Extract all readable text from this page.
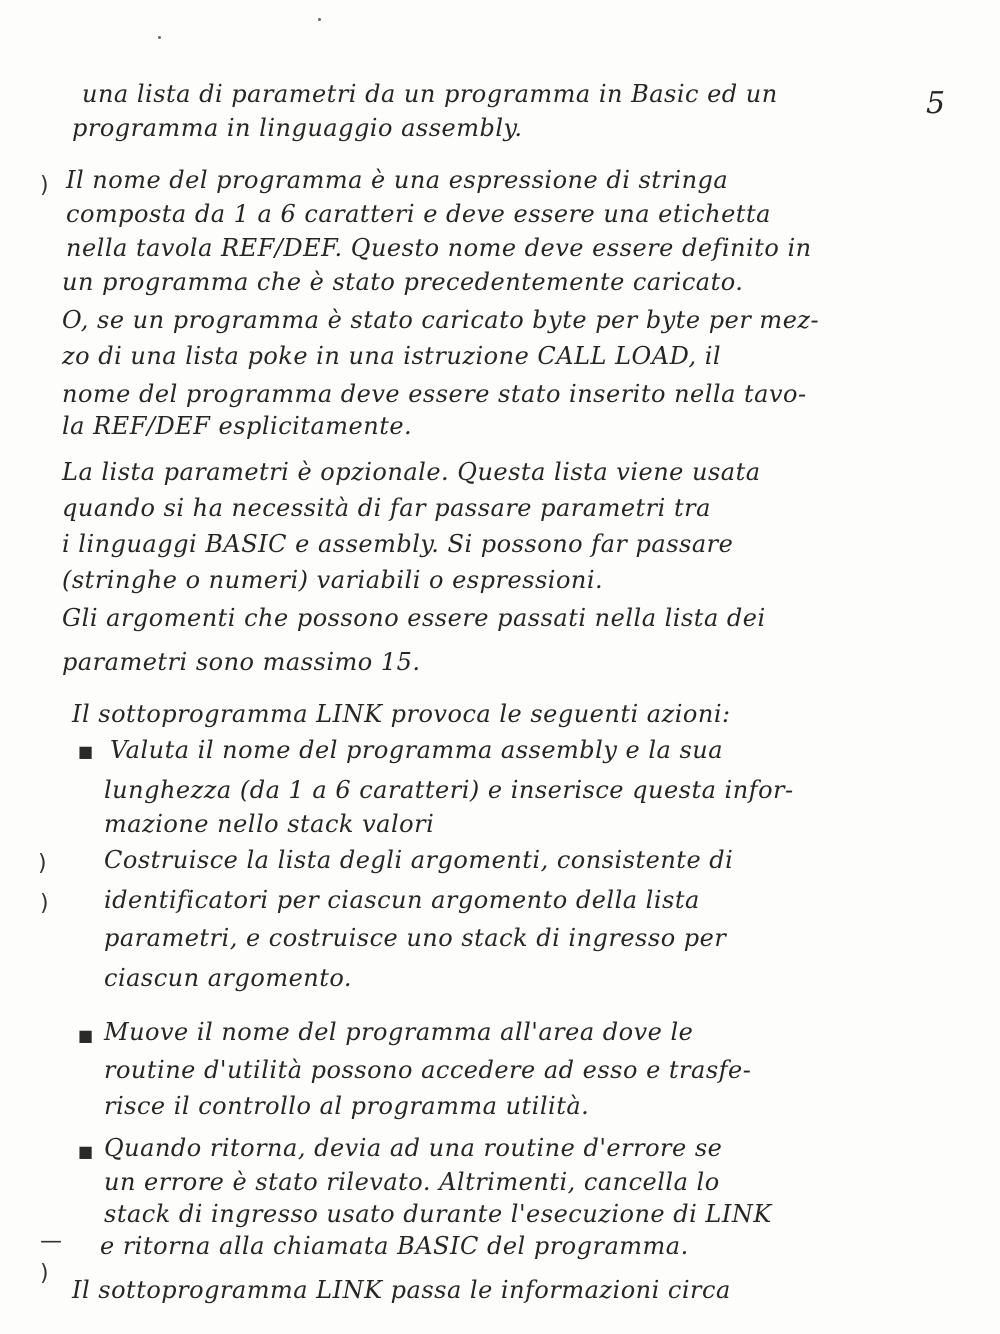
5
una lista di parametri da un programma in Basic ed un
programma in linguaggio assembly.
Il nome del programma è una espressione di stringa
composta da 1 a 6 caratteri e deve essere una etichetta
nella tavola REF/DEF. Questo nome deve essere definito in
un programma che è stato precedentemente caricato.
O, se un programma è stato caricato byte per byte per mez-
zo di una lista poke in una istruzione CALL LOAD, il
nome del programma deve essere stato inserito nella tavo-
la REF/DEF esplicitamente.
La lista parametri è opzionale. Questa lista viene usata
quando si ha necessità di far passare parametri tra
i linguaggi BASIC e assembly. Si possono far passare
(stringhe o numeri) variabili o espressioni.
Gli argomenti che possono essere passati nella lista dei
parametri sono massimo 15.
Il sottoprogramma LINK provoca le seguenti azioni:
■ Valuta il nome del programma assembly e la sua
lunghezza (da 1 a 6 caratteri) e inserisce questa infor-
mazione nello stack valori
)	Costruisce la lista degli argomenti, consistente di
identificatori per ciascun argomento della lista
parametri, e costruisce uno stack di ingresso per
ciascun argomento.
■ Muove il nome del programma all'area dove le
routine d'utilità possono accedere ad esso e trasfe-
risce il controllo al programma utilità.
■ Quando ritorna, devia ad una routine d'errore se
un errore è stato rilevato. Altrimenti, cancella lo
stack di ingresso usato durante l'esecuzione di LINK
—	e ritorna alla chiamata BASIC del programma.
)
Il sottoprogramma LINK passa le informazioni circa
)
)
